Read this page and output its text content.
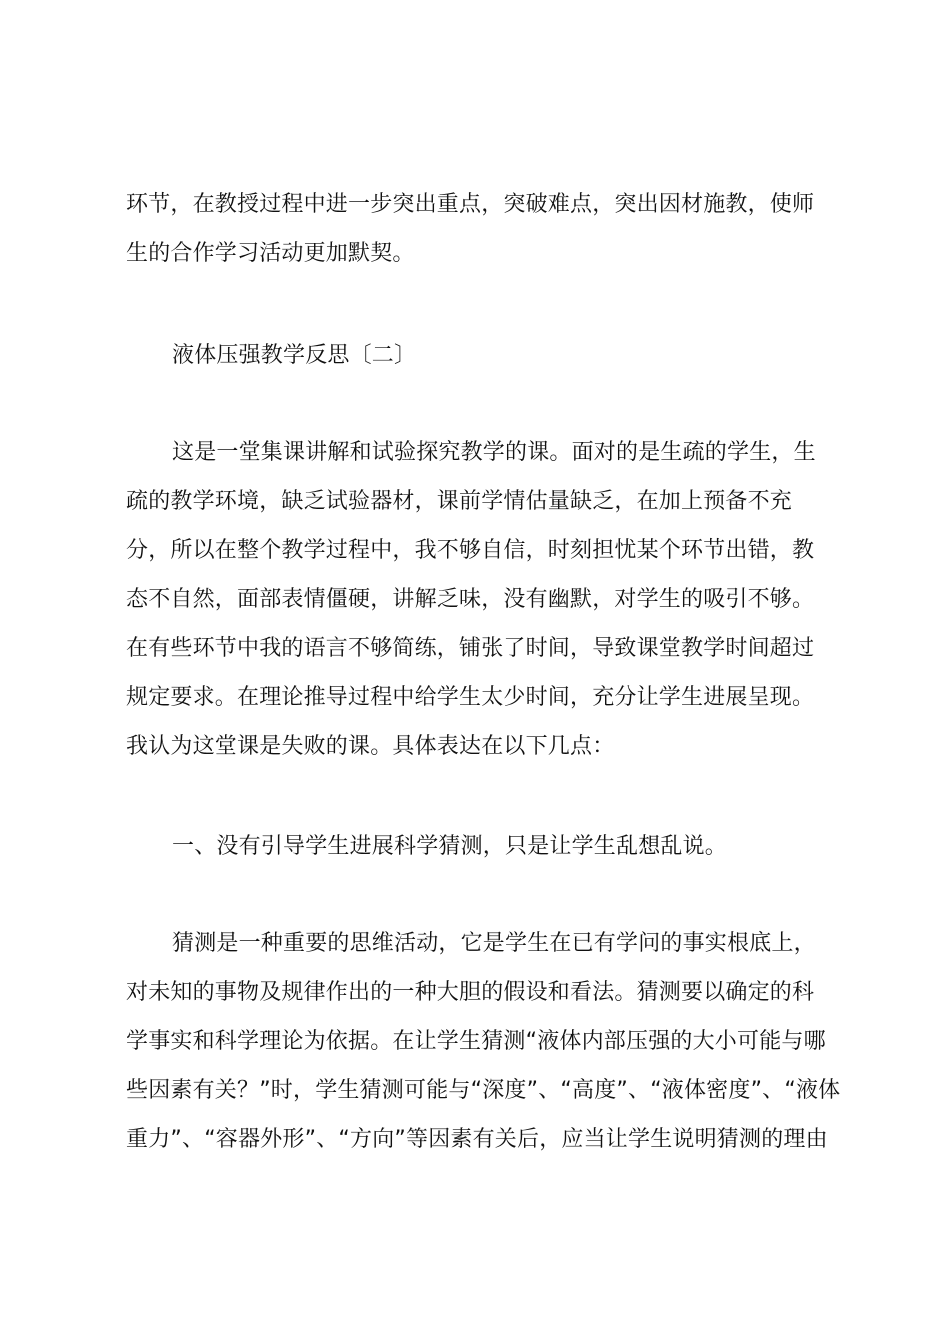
环节，在教授过程中进一步突出重点，突破难点，突出因材施教，使师
生的合作学习活动更加默契。
液体压强教学反思〔二〕
这是一堂集课讲解和试验探究教学的课。面对的是生疏的学生，生
疏的教学环境，缺乏试验器材，课前学情估量缺乏，在加上预备不充
分，所以在整个教学过程中，我不够自信，时刻担忧某个环节出错，教
态不自然，面部表情僵硬，讲解乏味，没有幽默，对学生的吸引不够。
在有些环节中我的语言不够简练，铺张了时间，导致课堂教学时间超过
规定要求。在理论推导过程中给学生太少时间，充分让学生进展呈现。
我认为这堂课是失败的课。具体表达在以下几点：
一、没有引导学生进展科学猜测，只是让学生乱想乱说。
猜测是一种重要的思维活动，它是学生在已有学问的事实根底上，
对未知的事物及规律作出的一种大胆的假设和看法。猜测要以确定的科
学事实和科学理论为依据。在让学生猜测“液体内部压强的大小可能与哪
些因素有关？”时，学生猜测可能与“深度”、“高度”、“液体密度”、“液体
重力”、“容器外形”、“方向”等因素有关后，应当让学生说明猜测的理由
